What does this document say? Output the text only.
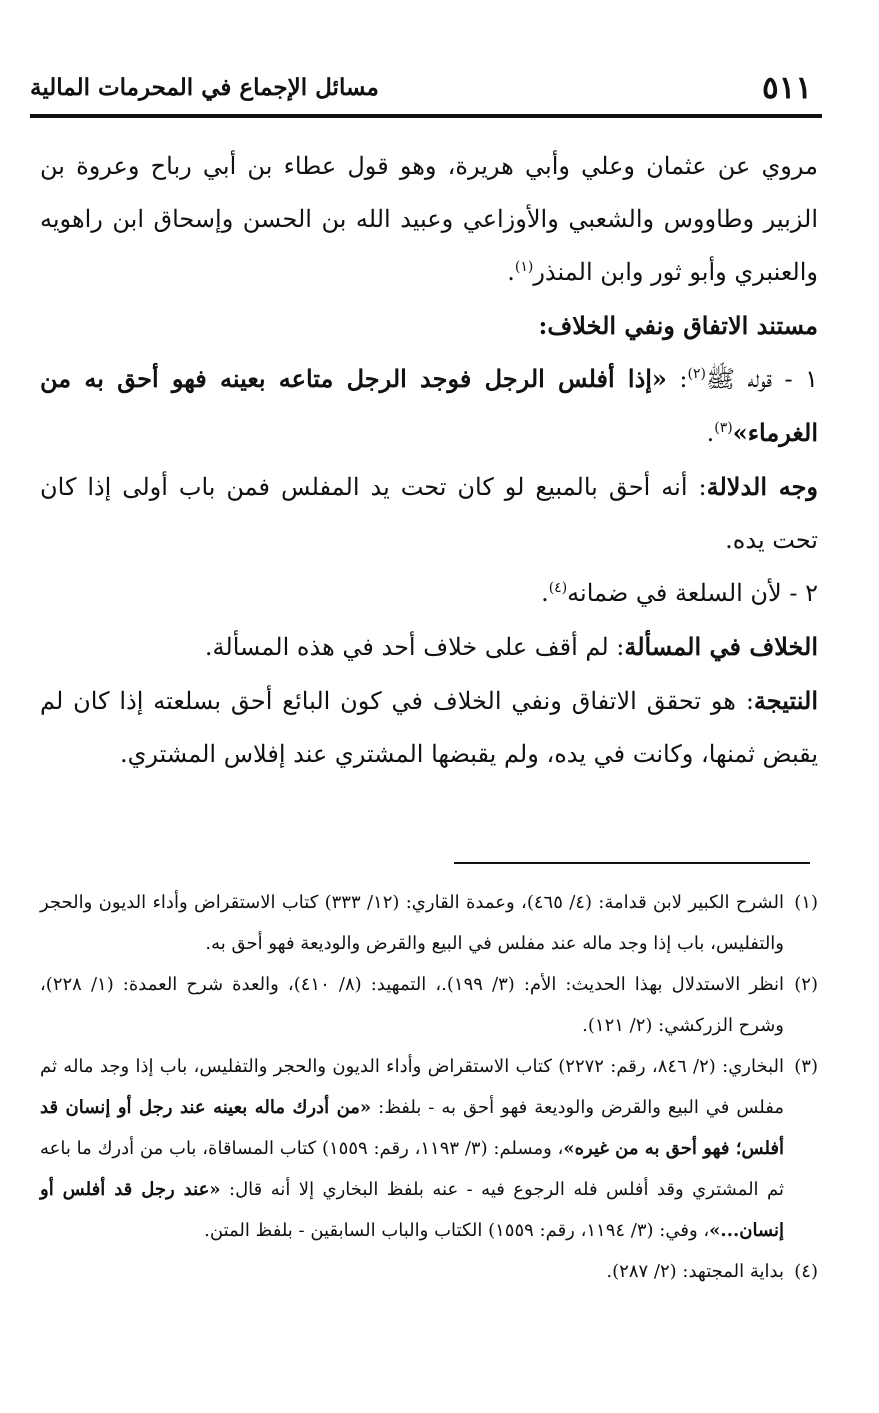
٥١١
مسائل الإجماع في المحرمات المالية

مروي عن عثمان وعلي وأبي هريرة، وهو قول عطاء بن أبي رباح وعروة بن الزبير وطاووس والشعبي والأوزاعي وعبيد الله بن الحسن وإسحاق ابن راهويه والعنبري وأبو ثور وابن المنذر$^{(١)}$.

مستند الاتفاق ونفي الخلاف:

١ - قوله ﷺ$^{(٢)}$: «إذا أفلس الرجل فوجد الرجل متاعه بعينه فهو أحق به من الغرماء»$^{(٣)}$.

وجه الدلالة: أنه أحق بالمبيع لو كان تحت يد المفلس فمن باب أولى إذا كان تحت يده.

٢ - لأن السلعة في ضمانه$^{(٤)}$.

الخلاف في المسألة: لم أقف على خلاف أحد في هذه المسألة.

النتيجة: هو تحقق الاتفاق ونفي الخلاف في كون البائع أحق بسلعته إذا كان لم يقبض ثمنها، وكانت في يده، ولم يقبضها المشتري عند إفلاس المشتري.

(١)
الشرح الكبير لابن قدامة: (٤/ ٤٦٥)، وعمدة القاري: (١٢/ ٣٣٣) كتاب الاستقراض وأداء الديون والحجر والتفليس، باب إذا وجد ماله عند مفلس في البيع والقرض والوديعة فهو أحق به.

(٢)
انظر الاستدلال بهذا الحديث: الأم: (٣/ ١٩٩).، التمهيد: (٨/ ٤١٠)، والعدة شرح العمدة: (١/ ٢٢٨)، وشرح الزركشي: (٢/ ١٢١).

(٣)
البخاري: (٢/ ٨٤٦، رقم: ٢٢٧٢) كتاب الاستقراض وأداء الديون والحجر والتفليس، باب إذا وجد ماله ثم مفلس في البيع والقرض والوديعة فهو أحق به - بلفظ: «من أدرك ماله بعينه عند رجل أو إنسان قد أفلس؛ فهو أحق به من غيره»، ومسلم: (٣/ ١١٩٣، رقم: ١٥٥٩) كتاب المساقاة، باب من أدرك ما باعه ثم المشتري وقد أفلس فله الرجوع فيه - عنه بلفظ البخاري إلا أنه قال: «عند رجل قد أفلس أو إنسان...»، وفي: (٣/ ١١٩٤، رقم: ١٥٥٩) الكتاب والباب السابقين - بلفظ المتن.

(٤)
بداية المجتهد: (٢/ ٢٨٧).
